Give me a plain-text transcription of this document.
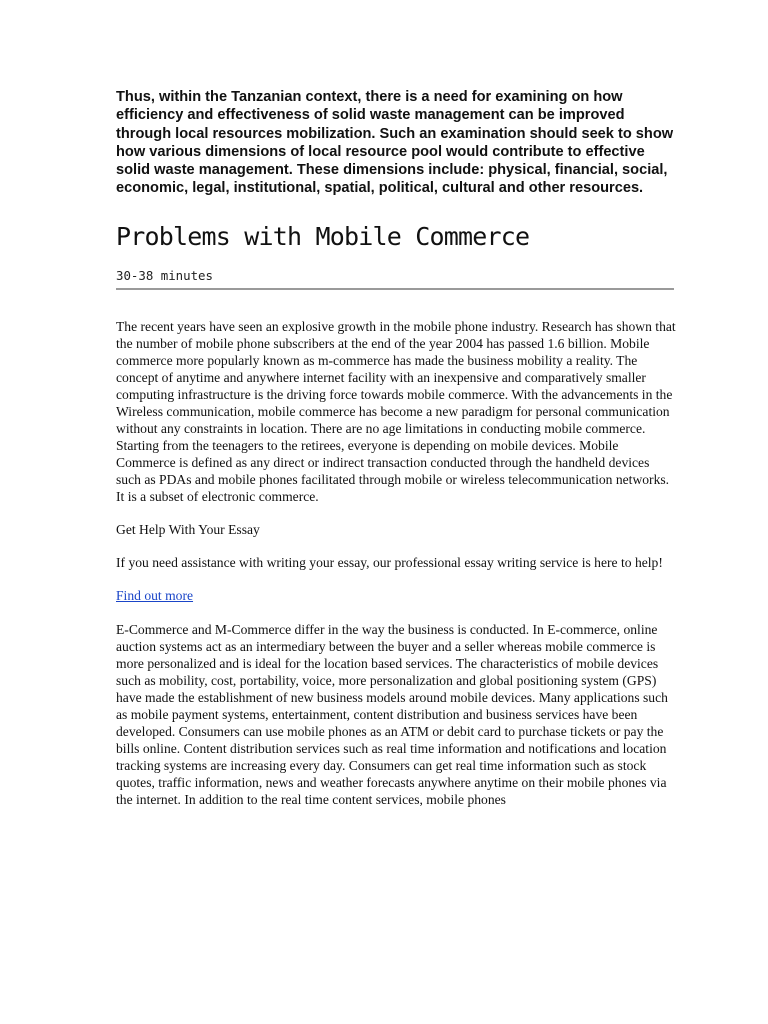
Thus, within the Tanzanian context, there is a need for examining on how efficiency and effectiveness of solid waste management can be improved through local resources mobilization. Such an examination should seek to show how various dimensions of local resource pool would contribute to effective solid waste management. These dimensions include: physical, financial, social, economic, legal, institutional, spatial, political, cultural and other resources.

Problems with Mobile Commerce
30-38 minutes

The recent years have seen an explosive growth in the mobile phone industry. Research has shown that the number of mobile phone subscribers at the end of the year 2004 has passed 1.6 billion. Mobile commerce more popularly known as m-commerce has made the business mobility a reality. The concept of anytime and anywhere internet facility with an inexpensive and comparatively smaller computing infrastructure is the driving force towards mobile commerce. With the advancements in the Wireless communication, mobile commerce has become a new paradigm for personal communication without any constraints in location. There are no age limitations in conducting mobile commerce. Starting from the teenagers to the retirees, everyone is depending on mobile devices. Mobile Commerce is defined as any direct or indirect transaction conducted through the handheld devices such as PDAs and mobile phones facilitated through mobile or wireless telecommunication networks. It is a subset of electronic commerce.

Get Help With Your Essay

If you need assistance with writing your essay, our professional essay writing service is here to help!

Find out more

E-Commerce and M-Commerce differ in the way the business is conducted. In E-commerce, online auction systems act as an intermediary between the buyer and a seller whereas mobile commerce is more personalized and is ideal for the location based services. The characteristics of mobile devices such as mobility, cost, portability, voice, more personalization and global positioning system (GPS) have made the establishment of new business models around mobile devices. Many applications such as mobile payment systems, entertainment, content distribution and business services have been developed. Consumers can use mobile phones as an ATM or debit card to purchase tickets or pay the bills online. Content distribution services such as real time information and notifications and location tracking systems are increasing every day. Consumers can get real time information such as stock quotes, traffic information, news and weather forecasts anywhere anytime on their mobile phones via the internet. In addition to the real time content services, mobile phones
